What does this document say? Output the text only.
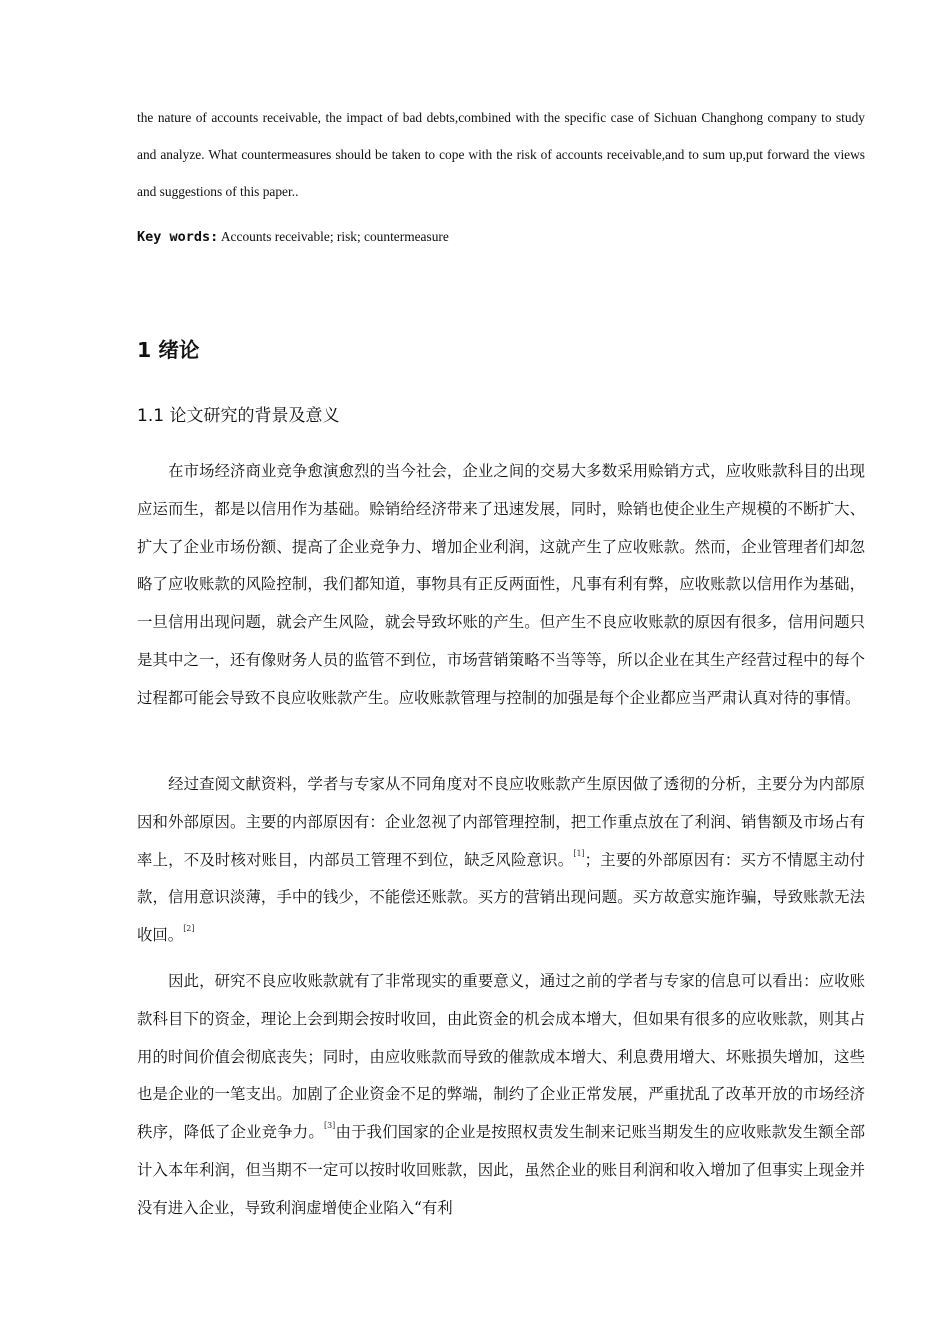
the nature of accounts receivable, the impact of bad debts,combined with the specific case of Sichuan Changhong company to study and analyze. What countermeasures should be taken to cope with the risk of accounts receivable,and to sum up,put forward the views and suggestions of this paper..

Key words: Accounts receivable; risk; countermeasure

1 绪论
1.1 论文研究的背景及意义

在市场经济商业竞争愈演愈烈的当今社会，企业之间的交易大多数采用赊销方式，应收账款科目的出现应运而生，都是以信用作为基础。赊销给经济带来了迅速发展，同时，赊销也使企业生产规模的不断扩大、扩大了企业市场份额、提高了企业竞争力、增加企业利润，这就产生了应收账款。然而，企业管理者们却忽略了应收账款的风险控制，我们都知道，事物具有正反两面性，凡事有利有弊，应收账款以信用作为基础，一旦信用出现问题，就会产生风险，就会导致坏账的产生。但产生不良应收账款的原因有很多，信用问题只是其中之一，还有像财务人员的监管不到位，市场营销策略不当等等，所以企业在其生产经营过程中的每个过程都可能会导致不良应收账款产生。应收账款管理与控制的加强是每个企业都应当严肃认真对待的事情。

经过查阅文献资料，学者与专家从不同角度对不良应收账款产生原因做了透彻的分析，主要分为内部原因和外部原因。主要的内部原因有：企业忽视了内部管理控制，把工作重点放在了利润、销售额及市场占有率上，不及时核对账目，内部员工管理不到位，缺乏风险意识。[1]；主要的外部原因有：买方不情愿主动付款，信用意识淡薄，手中的钱少，不能偿还账款。买方的营销出现问题。买方故意实施诈骗，导致账款无法收回。[2]

因此，研究不良应收账款就有了非常现实的重要意义，通过之前的学者与专家的信息可以看出：应收账款科目下的资金，理论上会到期会按时收回，由此资金的机会成本增大，但如果有很多的应收账款，则其占用的时间价值会彻底丧失；同时，由应收账款而导致的催款成本增大、利息费用增大、坏账损失增加，这些也是企业的一笔支出。加剧了企业资金不足的弊端，制约了企业正常发展，严重扰乱了改革开放的市场经济秩序，降低了企业竞争力。[3]由于我们国家的企业是按照权责发生制来记账当期发生的应收账款发生额全部计入本年利润，但当期不一定可以按时收回账款，因此，虽然企业的账目利润和收入增加了但事实上现金并没有进入企业，导致利润虚增使企业陷入“有利
